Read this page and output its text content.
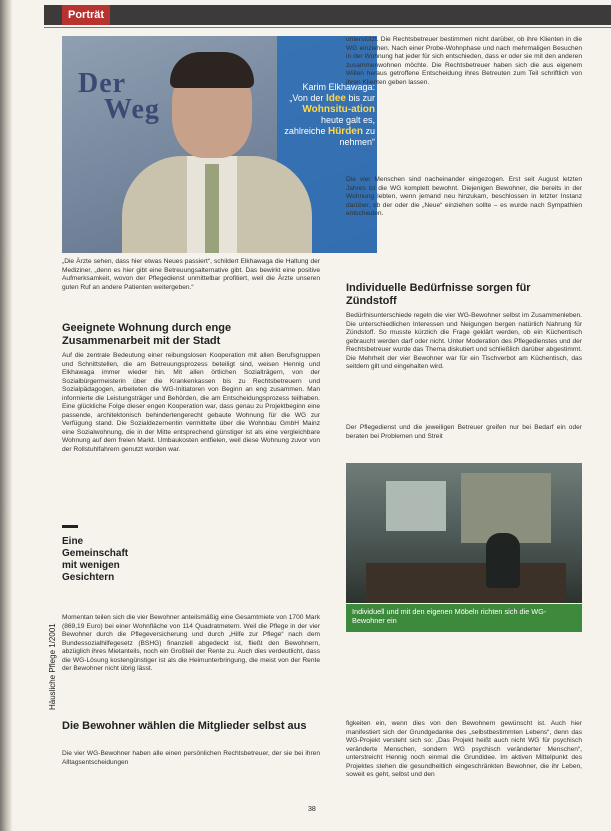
Porträt
Der
Weg
Karim Elkhawaga:
„Von der Idee bis zur Wohnsitu-ation heute galt es, zahlreiche Hürden zu nehmen“
„Die Ärzte sehen, dass hier etwas Neues passiert“, schildert Elkhawaga die Haltung der Mediziner, „denn es hier gibt eine Betreuungsalternative gibt. Das bewirkt eine positive Aufmerksamkeit, wovon der Pflegedienst unmittelbar profitiert, weil die Ärzte unseren guten Ruf an andere Patienten weitergeben.“
Geeignete Wohnung durch enge Zusammenarbeit mit der Stadt

Auf die zentrale Bedeutung einer reibungslosen Kooperation mit allen Berufsgruppen und Schnittstellen, die am Betreuungsprozess beteiligt sind, weisen Hennig und Elkhawaga immer wieder hin. Mit allen örtlichen Sozialträgern, von der Sozialbürgermeisterin über die Krankenkassen bis zu Rechtsbetreuern und Sozialpädagogen, arbeiteten die WG-Initiatoren von Beginn an eng zusammen. Man informierte die Leistungsträger und Behörden, die am Entscheidungsprozess teilhaben. Eine glückliche Folge dieser engen Kooperation war, dass genau zu Projektbeginn eine passende, architektonisch behindertengerecht gebaute Wohnung für die WG zur Verfügung stand. Die Sozialdezernentin vermittelte über die Wohnbau GmbH Mainz eine Sozialwohnung, die in der Mitte entsprechend günstiger ist als eine vergleichbare Wohnung auf dem freien Markt. Umbaukosten entfielen, weil diese Wohnung zuvor von der Rollstuhlfahrern genutzt worden war.

Eine Gemeinschaft mit wenigen Gesichtern
Momentan teilen sich die vier Bewohner anteilsmäßig eine Gesamtmiete von 1700 Mark (869,19 Euro) bei einer Wohnfläche von 114 Quadratmetern. Weil die Pflege in der vier Bewohner durch die Pflegeversicherung und durch „Hilfe zur Pflege“ nach dem Bundessozialhilfegesetz (BSHG) finanziell abgedeckt ist, fließt den Bewohnern, abzüglich ihres Mietanteils, noch ein Großteil der Rente zu. Auch dies verdeutlicht, dass die WG-Lösung kostengünstiger ist als die Heimunterbringung, die meist von der Rente der Bewohner nicht übrig lässt.
Die Bewohner wählen die Mitglieder selbst aus
Die vier WG-Bewohner haben alle einen persönlichen Rechtsbetreuer, der sie bei ihren Alltagsentscheidungen
unterstützt. Die Rechtsbetreuer bestimmen nicht darüber, ob ihre Klienten in die WG einziehen. Nach einer Probe-Wohnphase und nach mehrmaligen Besuchen in der Wohnung hat jeder für sich entschieden, dass er oder sie mit den anderen zusammenwohnen möchte. Die Rechtsbetreuer haben sich die aus eigenem Willen heraus getroffene Entscheidung ihres Betreuten zum Teil schriftlich von ihren Klienten geben lassen.
Die vier Menschen sind nacheinander eingezogen. Erst seit August letzten Jahres ist die WG komplett bewohnt. Diejenigen Bewohner, die bereits in der Wohnung lebten, wenn jemand neu hinzukam, beschlossen in letzter Instanz darüber, ob der oder die „Neue“ einziehen sollte – es wurde nach Sympathien entschieden.
Individuelle Bedürfnisse sorgen für Zündstoff
Bedürfnisunterschiede regeln die vier WG-Bewohner selbst im Zusammenleben. Die unterschiedlichen Interessen und Neigungen bergen natürlich Nahrung für Zündstoff. So musste kürzlich die Frage geklärt werden, ob ein Küchentisch gebraucht werden darf oder nicht. Unter Moderation des Pflegedienstes und der Rechtsbetreuer wurde das Thema diskutiert und schließlich darüber abgestimmt. Die Mehrheit der vier Bewohner war für ein Tischverbot am Küchentisch, das seitdem gilt und eingehalten wird.
Der Pflegedienst und die jeweiligen Betreuer greifen nur bei Bedarf ein oder beraten bei Problemen und Streit
Individuell und mit den eigenen Möbeln richten sich die WG-Bewohner ein
figkeiten ein, wenn dies von den Bewohnern gewünscht ist. Auch hier manifestiert sich der Grundgedanke des „selbstbestimmten Lebens“, denn das WG-Projekt versteht sich so: „Das Projekt heißt auch nicht WG für psychisch veränderte Menschen, sondern WG psychisch veränderter Menschen“, unterstreicht Hennig noch einmal die Grundidee. Im aktiven Mittelpunkt des Projektes stehen die gesundheitlich eingeschränkten Bewohner, die ihr Leben, soweit es geht, selbst und den
Häusliche Pflege 1/2001
38
